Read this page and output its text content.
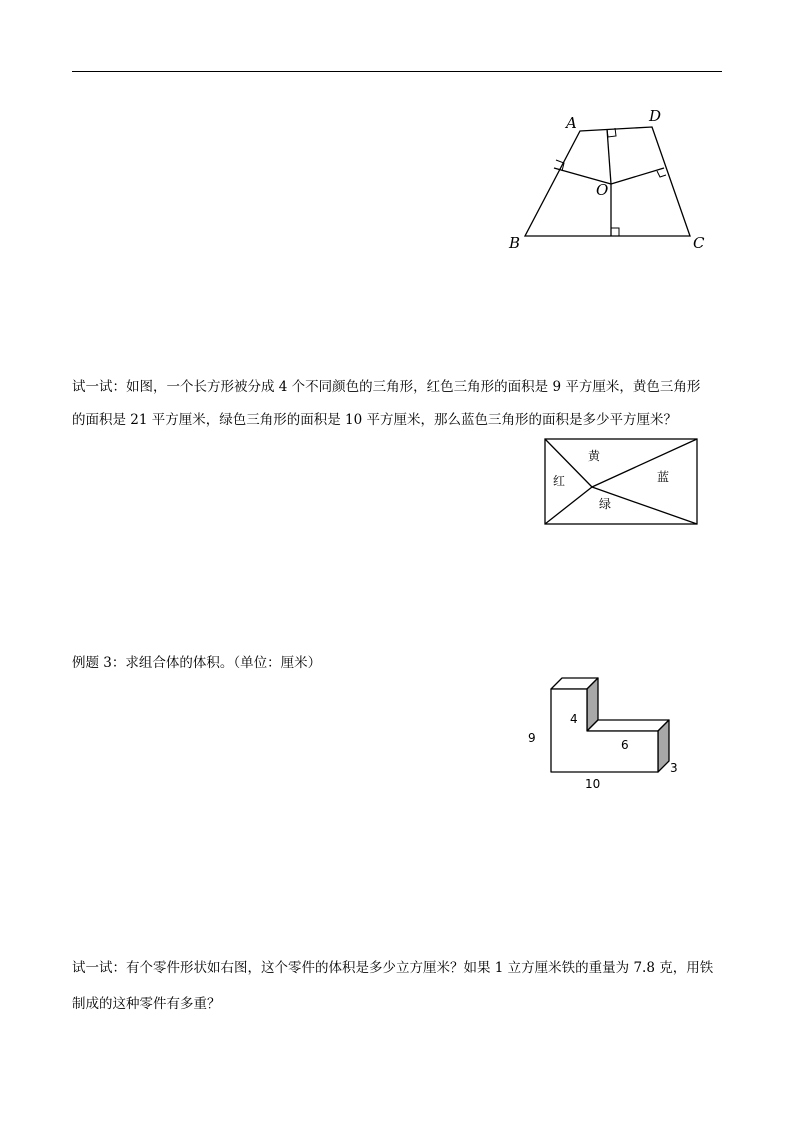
A
B	C
D
O

试一试：如图，一个长方形被分成 4 个不同颜色的三角形，红色三角形的面积是 9 平方厘米，黄色三角形

的面积是 21 平方厘米，绿色三角形的面积是 10 平方厘米，那么蓝色三角形的面积是多少平方厘米？

黄
红	蓝
绿

例题 3：求组合体的体积。（单位：厘米）

4
9	6
3
10

试一试：有个零件形状如右图，这个零件的体积是多少立方厘米？如果 1 立方厘米铁的重量为 7.8 克，用铁

制成的这种零件有多重？
